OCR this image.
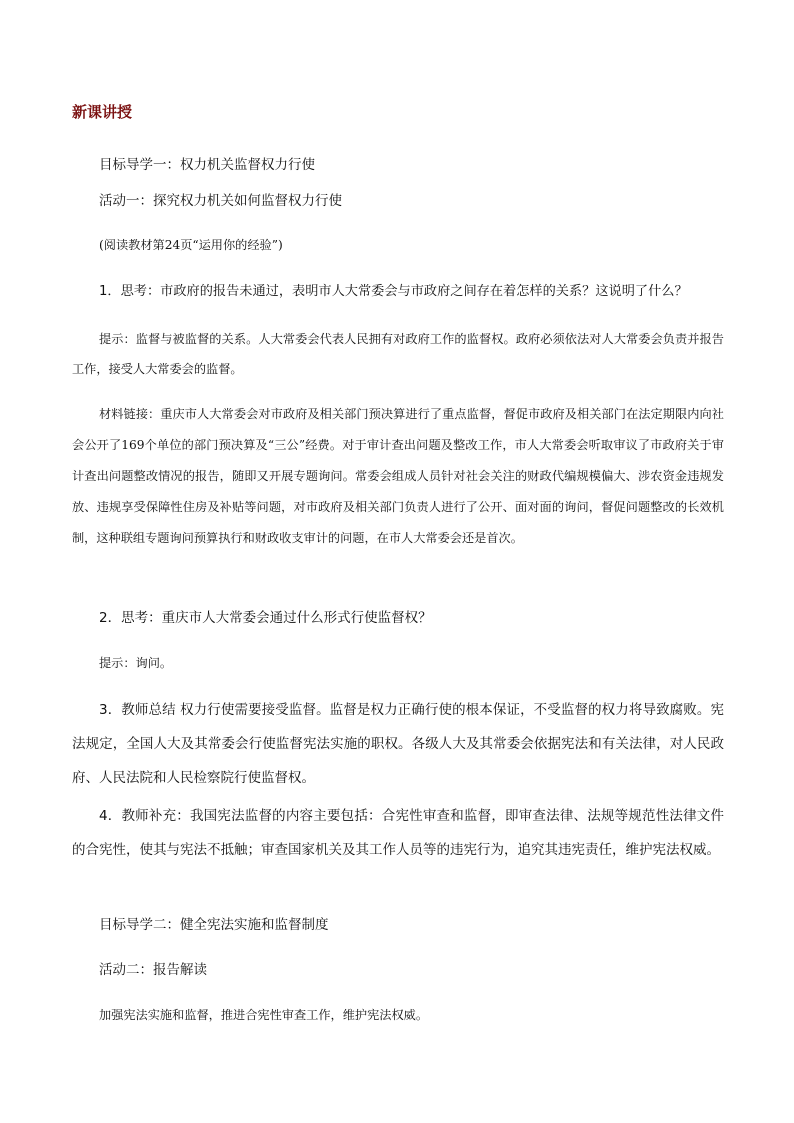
新课讲授
目标导学一：权力机关监督权力行使
活动一：探究权力机关如何监督权力行使
(阅读教材第24页“运用你的经验”)
1．思考：市政府的报告未通过，表明市人大常委会与市政府之间存在着怎样的关系？这说明了什么？

提示：监督与被监督的关系。人大常委会代表人民拥有对政府工作的监督权。政府必须依法对人大常委会负责并报告工作，接受人大常委会的监督。

材料链接：重庆市人大常委会对市政府及相关部门预决算进行了重点监督，督促市政府及相关部门在法定期限内向社会公开了169个单位的部门预决算及“三公”经费。对于审计查出问题及整改工作，市人大常委会听取审议了市政府关于审计查出问题整改情况的报告，随即又开展专题询问。常委会组成人员针对社会关注的财政代编规模偏大、涉农资金违规发放、违规享受保障性住房及补贴等问题，对市政府及相关部门负责人进行了公开、面对面的询问，督促问题整改的长效机制，这种联组专题询问预算执行和财政收支审计的问题，在市人大常委会还是首次。

2．思考：重庆市人大常委会通过什么形式行使监督权？
提示：询问。

3．教师总结 权力行使需要接受监督。监督是权力正确行使的根本保证，不受监督的权力将导致腐败。宪法规定，全国人大及其常委会行使监督宪法实施的职权。各级人大及其常委会依据宪法和有关法律，对人民政府、人民法院和人民检察院行使监督权。

4．教师补充：我国宪法监督的内容主要包括：合宪性审查和监督，即审查法律、法规等规范性法律文件的合宪性，使其与宪法不抵触；审查国家机关及其工作人员等的违宪行为，追究其违宪责任，维护宪法权威。

目标导学二：健全宪法实施和监督制度
活动二：报告解读
加强宪法实施和监督，推进合宪性审查工作，维护宪法权威。
